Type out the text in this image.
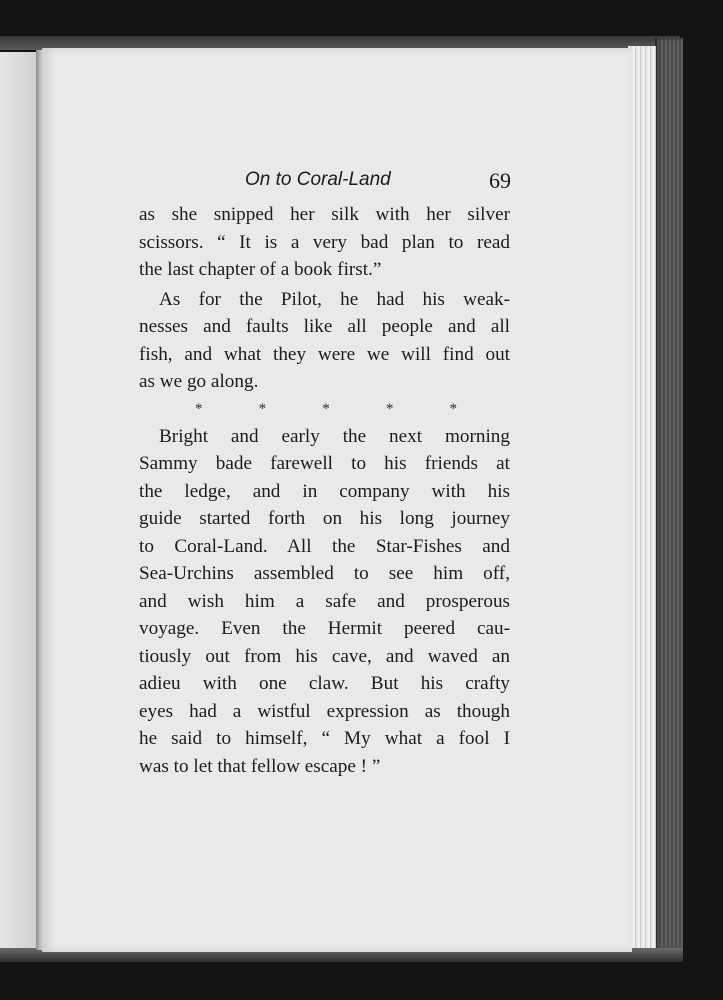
On to Coral-Land	69

as she snipped her silk with her silver

scissors. “ It is a very bad plan to read

the last chapter of a book first.”

As for the Pilot, he had his weak-

nesses and faults like all people and all

fish, and what they were we will find out

as we go along.

*	*	*	*	*

Bright and early the next morning

Sammy bade farewell to his friends at

the ledge, and in company with his

guide started forth on his long journey

to Coral-Land. All the Star-Fishes and

Sea-Urchins assembled to see him off,

and wish him a safe and prosperous

voyage. Even the Hermit peered cau-

tiously out from his cave, and waved an

adieu with one claw. But his crafty

eyes had a wistful expression as though

he said to himself, “ My what a fool I

was to let that fellow escape ! ”
